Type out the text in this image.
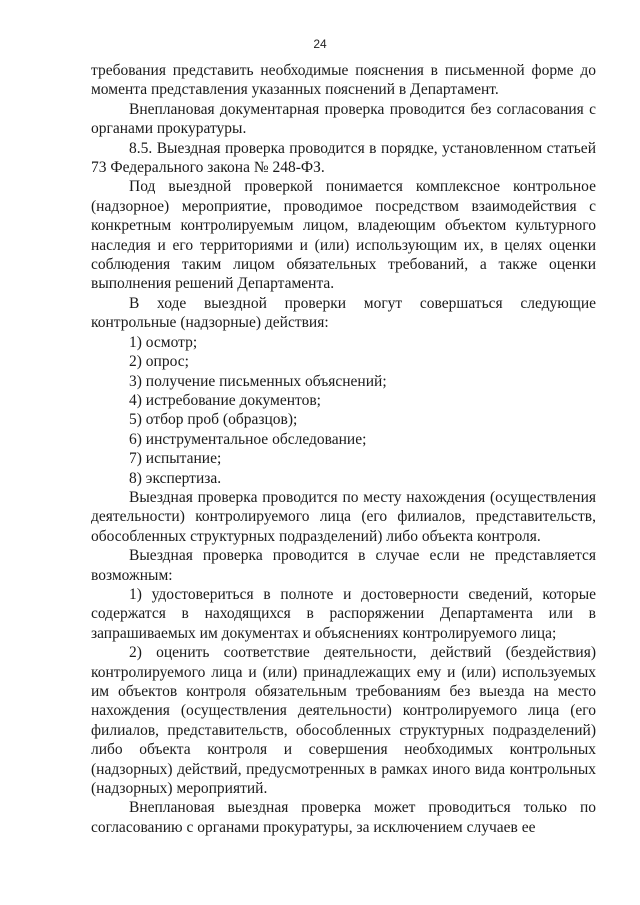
24

требования представить необходимые пояснения в письменной форме до момента представления указанных пояснений в Департамент.

Внеплановая документарная проверка проводится без согласования с органами прокуратуры.

8.5. Выездная проверка проводится в порядке, установленном статьей 73 Федерального закона № 248-ФЗ.

Под выездной проверкой понимается комплексное контрольное (надзорное) мероприятие, проводимое посредством взаимодействия с конкретным контролируемым лицом, владеющим объектом культурного наследия и его территориями и (или) использующим их, в целях оценки соблюдения таким лицом обязательных требований, а также оценки выполнения решений Департамента.

В ходе выездной проверки могут совершаться следующие контрольные (надзорные) действия:

1) осмотр;

2) опрос;

3) получение письменных объяснений;

4) истребование документов;

5) отбор проб (образцов);

6) инструментальное обследование;

7) испытание;

8) экспертиза.

Выездная проверка проводится по месту нахождения (осуществления деятельности) контролируемого лица (его филиалов, представительств, обособленных структурных подразделений) либо объекта контроля.

Выездная проверка проводится в случае если не представляется возможным:

1) удостовериться в полноте и достоверности сведений, которые содержатся в находящихся в распоряжении Департамента или в запрашиваемых им документах и объяснениях контролируемого лица;

2) оценить соответствие деятельности, действий (бездействия) контролируемого лица и (или) принадлежащих ему и (или) используемых им объектов контроля обязательным требованиям без выезда на место нахождения (осуществления деятельности) контролируемого лица (его филиалов, представительств, обособленных структурных подразделений) либо объекта контроля и совершения необходимых контрольных (надзорных) действий, предусмотренных в рамках иного вида контрольных (надзорных) мероприятий.

Внеплановая выездная проверка может проводиться только по согласованию с органами прокуратуры, за исключением случаев ее
